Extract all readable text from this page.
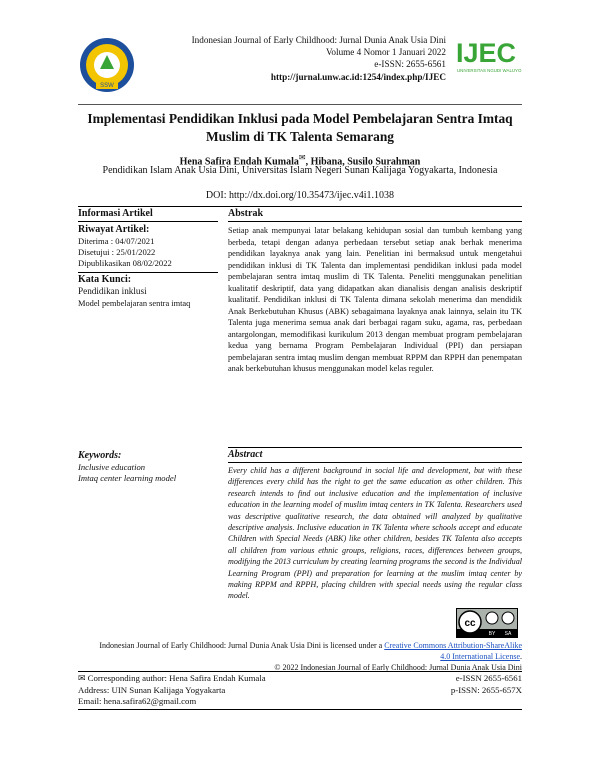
SSW
Indonesian Journal of Early Childhood: Jurnal Dunia Anak Usia Dini
Volume 4 Nomor 1 Januari 2022
e-ISSN: 2655-6561
http://jurnal.unw.ac.id:1254/index.php/IJEC
IJEC
UNIVERSITAS NGUDI WALUYO
Implementasi Pendidikan Inklusi pada Model Pembelajaran Sentra Imtaq Muslim di TK Talenta Semarang
Hena Safira Endah Kumala✉, Hibana, Susilo Surahman
Pendidikan Islam Anak Usia Dini, Universitas Islam Negeri Sunan Kalijaga Yogyakarta, Indonesia
DOI: http://dx.doi.org/10.35473/ijec.v4i1.1038
Informasi Artikel	Abstrak
Riwayat Artikel:
Diterima : 04/07/2021
Disetujui : 25/01/2022
Dipublikasikan 08/02/2022
Kata Kunci:
Pendidikan inklusi
Model pembelajaran sentra imtaq
Setiap anak mempunyai latar belakang kehidupan sosial dan tumbuh kembang yang berbeda, tetapi dengan adanya perbedaan tersebut setiap anak berhak menerima pendidikan layaknya anak yang lain. Penelitian ini bermaksud untuk mengetahui pendidikan inklusi di TK Talenta dan implementasi pendidikan inklusi pada model pembelajaran sentra imtaq muslim di TK Talenta. Peneliti menggunakan penelitian kualitatif deskriptif, data yang didapatkan akan dianalisis dengan analisis deskriptif kualitatif. Pendidikan inklusi di TK Talenta dimana sekolah menerima dan mendidik Anak Berkebutuhan Khusus (ABK) sebagaimana layaknya anak lainnya, selain itu TK Talenta juga menerima semua anak dari berbagai ragam suku, agama, ras, perbedaan antargolongan, memodifikasi kurikulum 2013 dengan membuat program pembelajaran kedua yang bernama Program Pembelajaran Individual (PPI) dan persiapan pembelajaran sentra imtaq muslim dengan membuat RPPM dan RPPH dan penempatan anak berkebutuhan khusus menggunakan model kelas reguler.
Abstract
Keywords:
Inclusive education
Imtaq center learning model
Every child has a different background in social life and development, but with these differences every child has the right to get the same education as other children. This research intends to find out inclusive education and the implementation of inclusive education in the learning model of muslim imtaq centers in TK Talenta. Researchers used was descriptive qualitative research, the data obtained will analyzed by qualitative descriptive analysis. Inclusive education in TK Talenta where schools accept and educate Children with Special Needs (ABK) like other children, besides TK Talenta also accepts all children from various ethnic groups, religions, races, differences between groups, modifying the 2013 curriculum by creating learning programs the second is the Individual Learning Program (PPI) and preparation for learning at the muslim imtaq center by making RPPM and RPPH, placing children with special needs using the regular class model.
cc
BY SA
Indonesian Journal of Early Childhood: Jurnal Dunia Anak Usia Dini is licensed under a Creative Commons Attribution-ShareAlike 4.0 International License.
© 2022 Indonesian Journal of Early Childhood: Jurnal Dunia Anak Usia Dini
✉ Corresponding author: Hena Safira Endah Kumala
Address: UIN Sunan Kalijaga Yogyakarta
Email: hena.safira62@gmail.com
e-ISSN 2655-6561
p-ISSN: 2655-657X
